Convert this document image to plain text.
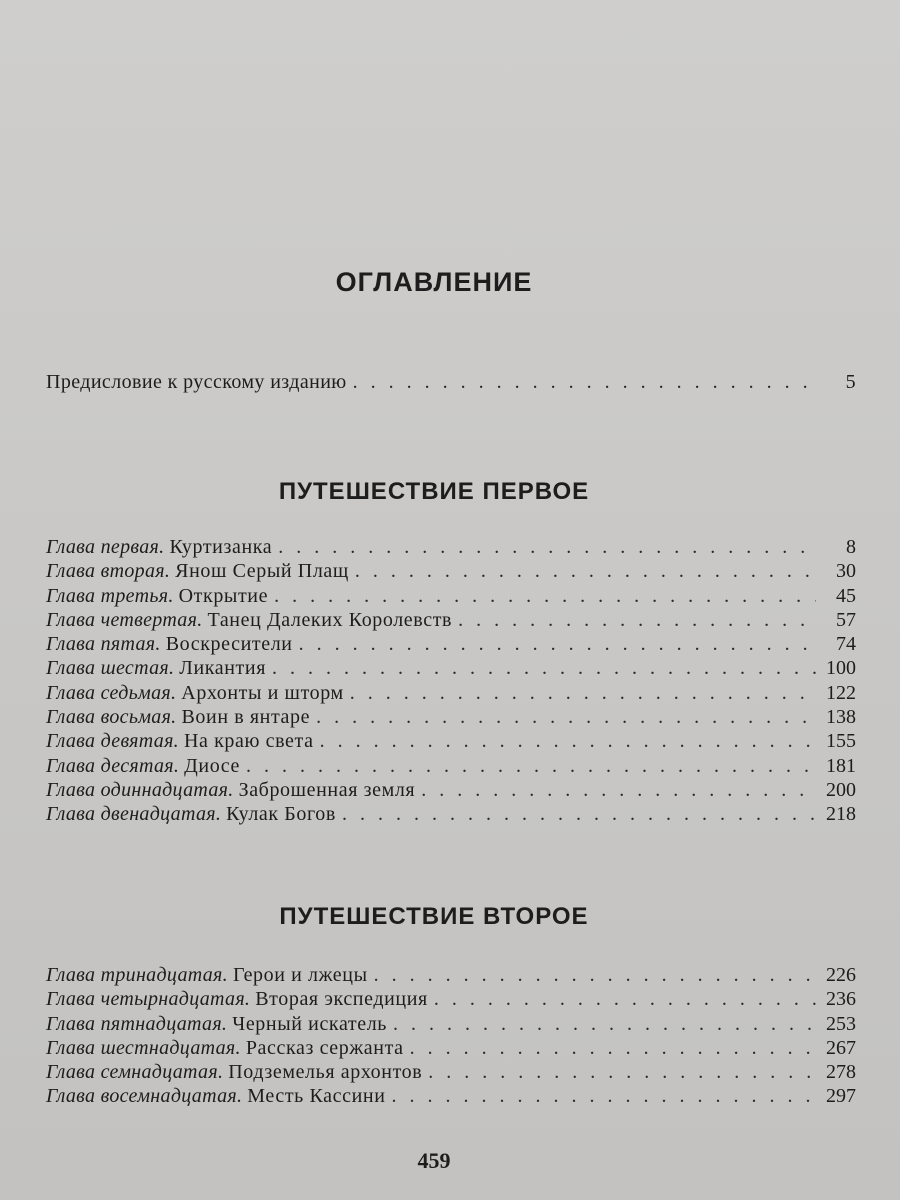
ОГЛАВЛЕНИЕ
Предисловие к русскому изданию . . .	5
ПУТЕШЕСТВИЕ ПЕРВОЕ
Глава первая. Куртизанка . . .	8
Глава вторая. Янош Серый Плащ . . .	30
Глава третья. Открытие . . .	45
Глава четвертая. Танец Далеких Королевств . . .	57
Глава пятая. Воскресители . . .	74
Глава шестая. Ликантия . . .	100
Глава седьмая. Архонты и шторм . . .	122
Глава восьмая. Воин в янтаре . . .	138
Глава девятая. На краю света . . .	155
Глава десятая. Диосе . . .	181
Глава одиннадцатая. Заброшенная земля . . .	200
Глава двенадцатая. Кулак Богов . . .	218
ПУТЕШЕСТВИЕ ВТОРОЕ
Глава тринадцатая. Герои и лжецы . . .	226
Глава четырнадцатая. Вторая экспедиция . . .	236
Глава пятнадцатая. Черный искатель . . .	253
Глава шестнадцатая. Рассказ сержанта . . .	267
Глава семнадцатая. Подземелья архонтов . . .	278
Глава восемнадцатая. Месть Кассини . . .	297
459
